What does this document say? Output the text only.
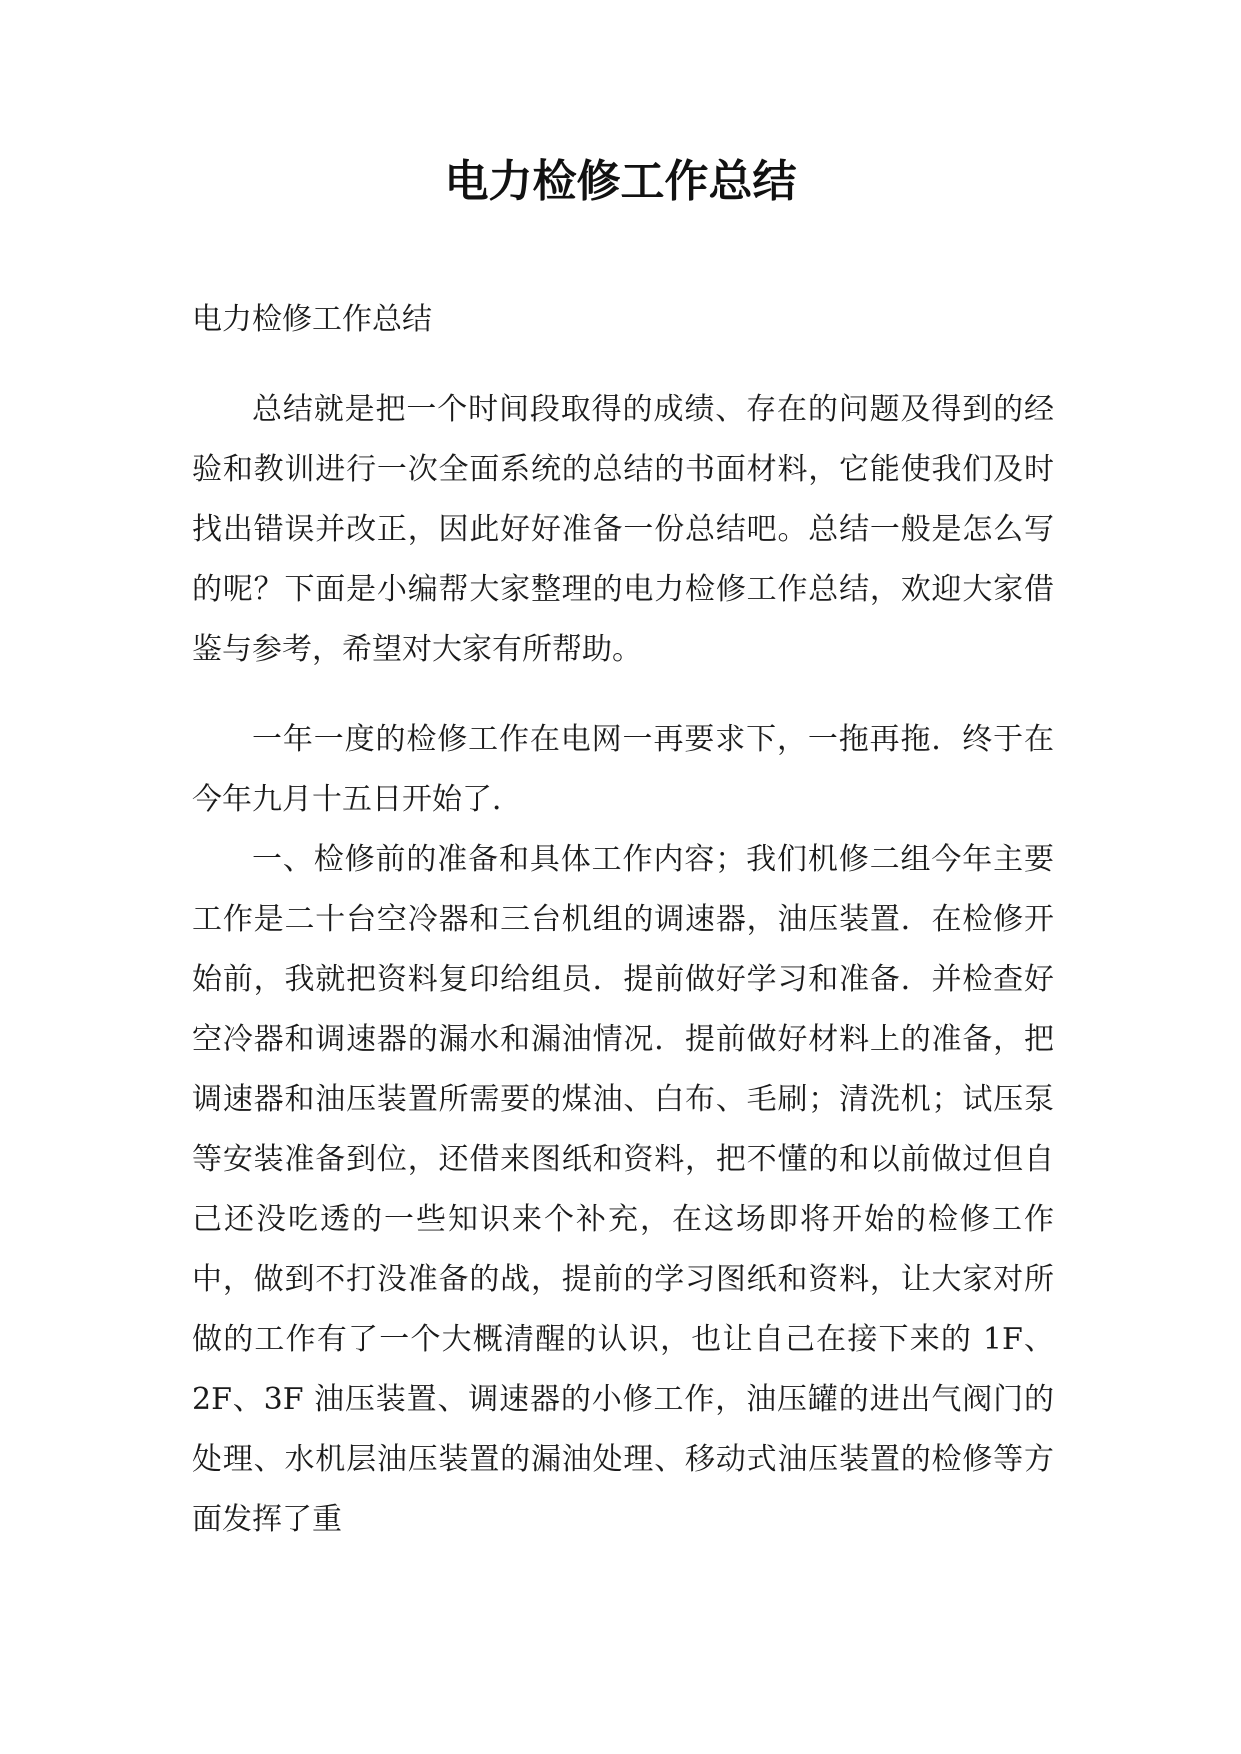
电力检修工作总结

电力检修工作总结

总结就是把一个时间段取得的成绩、存在的问题及得到的经验和教训进行一次全面系统的总结的书面材料，它能使我们及时找出错误并改正，因此好好准备一份总结吧。总结一般是怎么写的呢？下面是小编帮大家整理的电力检修工作总结，欢迎大家借鉴与参考，希望对大家有所帮助。

一年一度的检修工作在电网一再要求下，一拖再拖．终于在今年九月十五日开始了．

一、检修前的准备和具体工作内容；我们机修二组今年主要工作是二十台空冷器和三台机组的调速器，油压装置．在检修开始前，我就把资料复印给组员．提前做好学习和准备．并检查好空冷器和调速器的漏水和漏油情况．提前做好材料上的准备，把调速器和油压装置所需要的煤油、白布、毛刷；清洗机；试压泵等安装准备到位，还借来图纸和资料，把不懂的和以前做过但自己还没吃透的一些知识来个补充，在这场即将开始的检修工作中，做到不打没准备的战，提前的学习图纸和资料，让大家对所做的工作有了一个大概清醒的认识，也让自己在接下来的 1F、2F、3F 油压装置、调速器的小修工作，油压罐的进出气阀门的处理、水机层油压装置的漏油处理、移动式油压装置的检修等方面发挥了重
